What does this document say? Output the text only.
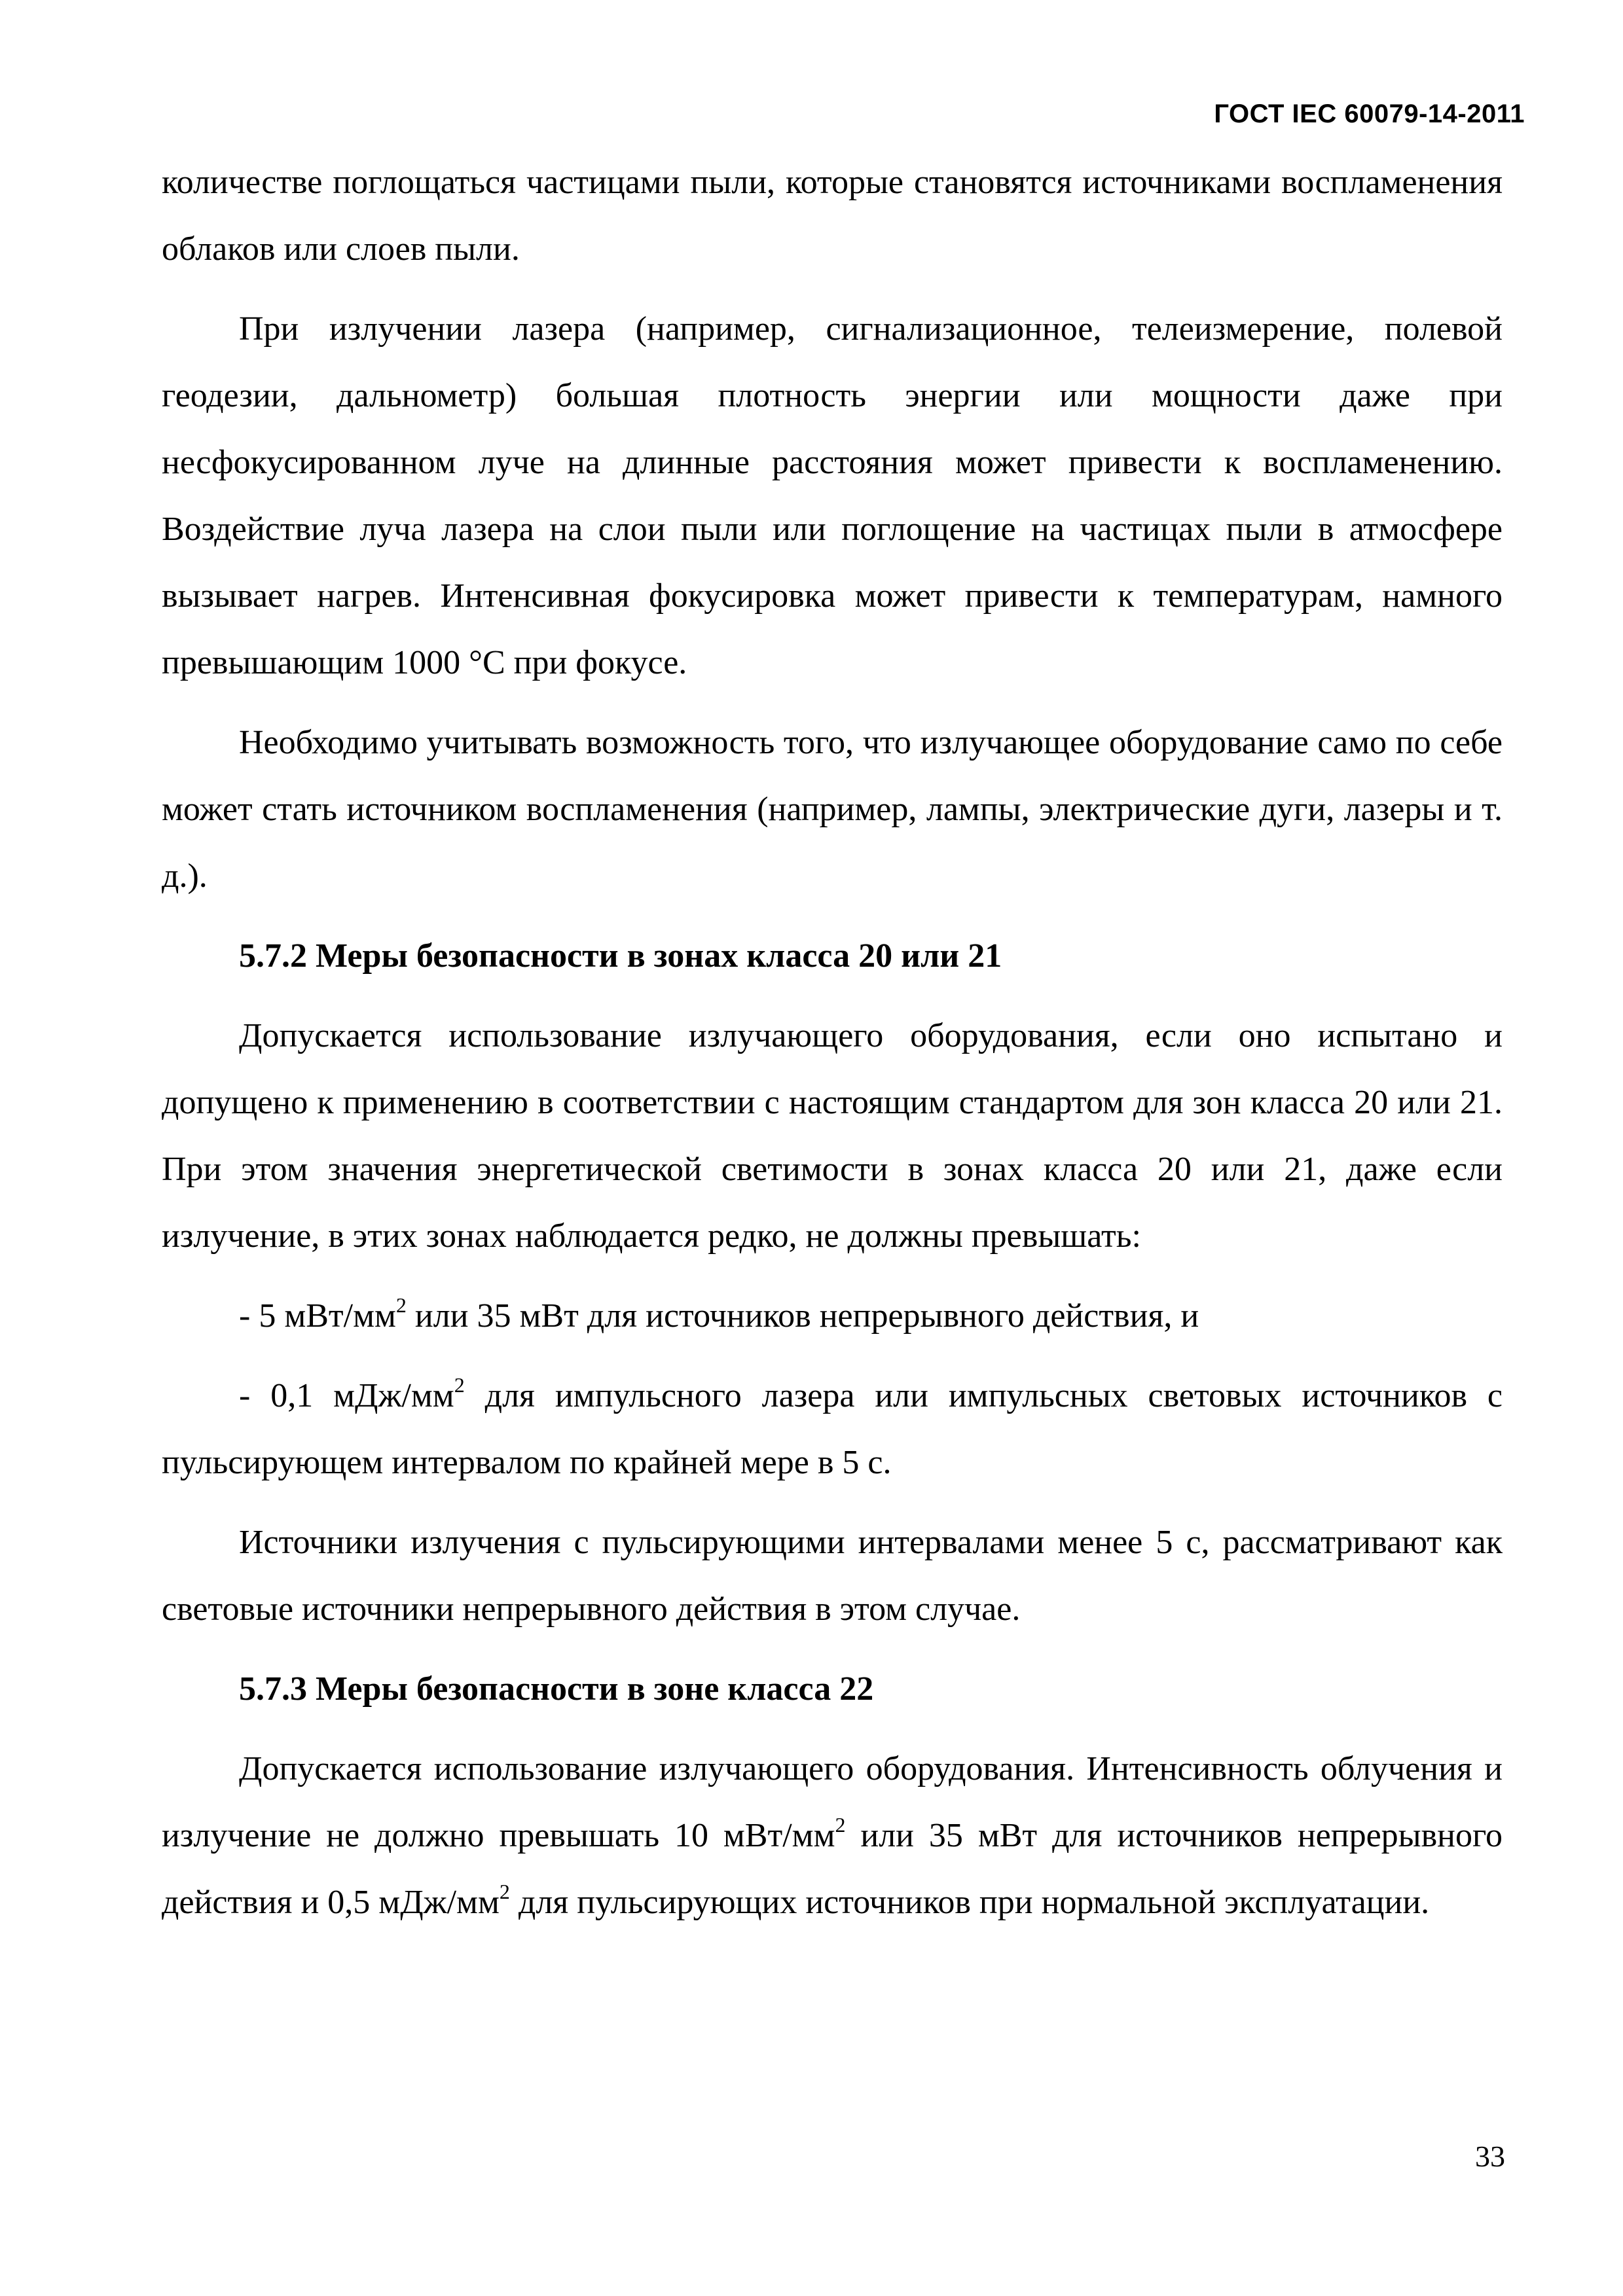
ГОСТ IEC 60079-14-2011

количестве поглощаться частицами пыли, которые становятся источниками воспламенения облаков или слоев пыли.

При излучении лазера (например, сигнализационное, телеизмерение, полевой геодезии, дальнометр) большая плотность энергии или мощности даже при несфокусированном луче на длинные расстояния может привести к воспламенению. Воздействие луча лазера на слои пыли или поглощение на частицах пыли в атмосфере вызывает нагрев. Интенсивная фокусировка может привести к температурам, намного превышающим 1000 °С при фокусе.

Необходимо учитывать возможность того, что излучающее оборудование само по себе может стать источником воспламенения (например, лампы, электрические дуги, лазеры и т. д.).

5.7.2 Меры безопасности в зонах класса 20 или 21

Допускается использование излучающего оборудования, если оно испытано и допущено к применению в соответствии с настоящим стандартом для зон класса 20 или 21. При этом значения энергетической светимости в зонах класса 20 или 21, даже если излучение, в этих зонах наблюдается редко, не должны превышать:

- 5 мВт/$мм^2$ или 35 мВт для источников непрерывного действия, и

- 0,1 мДж/$мм^2$ для импульсного лазера или импульсных световых источников с пульсирующем интервалом по крайней мере в 5 с.

Источники излучения с пульсирующими интервалами менее 5 с, рассматривают как световые источники непрерывного действия в этом случае.

5.7.3 Меры безопасности в зоне класса 22

Допускается использование излучающего оборудования. Интенсивность облучения и излучение не должно превышать 10 мВт/$мм^2$ или 35 мВт для источников непрерывного действия и 0,5 мДж/$мм^2$ для пульсирующих источников при нормальной эксплуатации.

33
